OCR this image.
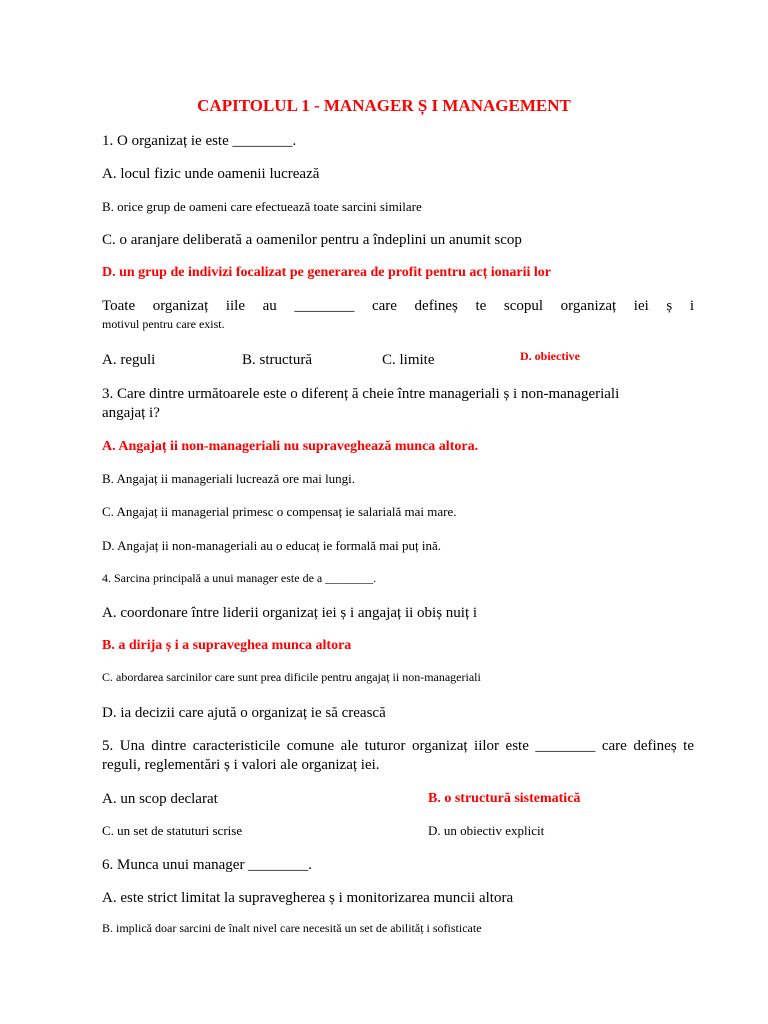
CAPITOLUL 1 - MANAGER Ș I MANAGEMENT
1. O organizaț ie este ________.
A. locul fizic unde oamenii lucrează
B. orice grup de oameni care efectuează toate sarcini similare
C. o aranjare deliberată a oamenilor pentru a îndeplini un anumit scop
D. un grup de indivizi focalizat pe generarea de profit pentru acț ionarii lor
Toate organizaț iile au ________ care defineș te scopul organizaț iei ș i
motivul pentru care exist.
A. reguli	B. structură	C. limite	D. obiective
3. Care dintre următoarele este o diferenț ă cheie între manageriali ș i non-manageriali
angajaț i?
A. Angajaț ii non-manageriali nu supraveghează munca altora.
B. Angajaț ii manageriali lucrează ore mai lungi.
C. Angajaț ii managerial primesc o compensaț ie salarială mai mare.
D. Angajaț ii non-manageriali au o educaț ie formală mai puț ină.
4. Sarcina principală a unui manager este de a ________.
A. coordonare între liderii organizaț iei ș i angajaț ii obiș nuiț i
B. a dirija ș i a supraveghea munca altora
C. abordarea sarcinilor care sunt prea dificile pentru angajaț ii non-manageriali
D. ia decizii care ajută o organizaț ie să crească
5. Una dintre caracteristicile comune ale tuturor organizaț iilor este ________ care defineș te
reguli, reglementări ș i valori ale organizaț iei.
A. un scop declarat	B. o structură sistematică
C. un set de statuturi scrise	D. un obiectiv explicit
6. Munca unui manager ________.
A. este strict limitat la supravegherea ș i monitorizarea muncii altora
B. implică doar sarcini de înalt nivel care necesită un set de abilităț i sofisticate
